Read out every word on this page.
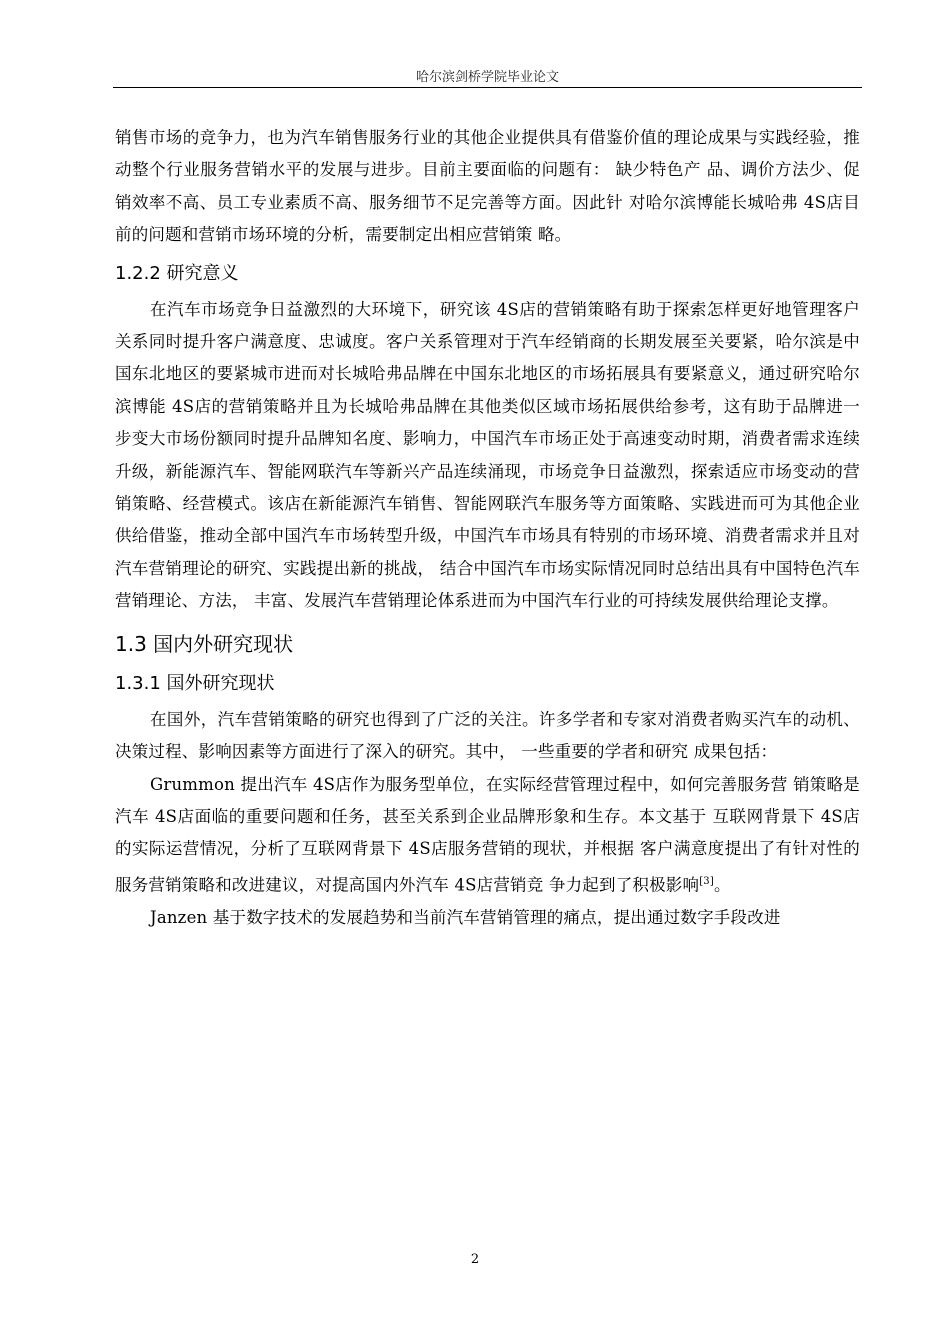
哈尔滨剑桥学院毕业论文

销售市场的竞争力，也为汽车销售服务行业的其他企业提供具有借鉴价值的理论成果与实践经验，推动整个行业服务营销水平的发展与进步。目前主要面临的问题有： 缺少特色产 品、调价方法少、促销效率不高、员工专业素质不高、服务细节不足完善等方面。因此针 对哈尔滨博能长城哈弗 4S店目前的问题和营销市场环境的分析，需要制定出相应营销策 略。

1.2.2 研究意义

在汽车市场竞争日益激烈的大环境下，研究该 4S店的营销策略有助于探索怎样更好地管理客户关系同时提升客户满意度、忠诚度。客户关系管理对于汽车经销商的长期发展至关要紧，哈尔滨是中国东北地区的要紧城市进而对长城哈弗品牌在中国东北地区的市场拓展具有要紧意义，通过研究哈尔滨博能 4S店的营销策略并且为长城哈弗品牌在其他类似区域市场拓展供给参考，这有助于品牌进一步变大市场份额同时提升品牌知名度、影响力，中国汽车市场正处于高速变动时期，消费者需求连续升级，新能源汽车、智能网联汽车等新兴产品连续涌现，市场竞争日益激烈，探索适应市场变动的营销策略、经营模式。该店在新能源汽车销售、智能网联汽车服务等方面策略、实践进而可为其他企业供给借鉴，推动全部中国汽车市场转型升级，中国汽车市场具有特别的市场环境、消费者需求并且对汽车营销理论的研究、实践提出新的挑战， 结合中国汽车市场实际情况同时总结出具有中国特色汽车营销理论、方法， 丰富、发展汽车营销理论体系进而为中国汽车行业的可持续发展供给理论支撑。

1.3 国内外研究现状
1.3.1 国外研究现状

在国外，汽车营销策略的研究也得到了广泛的关注。许多学者和专家对消费者购买汽车的动机、决策过程、影响因素等方面进行了深入的研究。其中， 一些重要的学者和研究 成果包括：

Grummon 提出汽车 4S店作为服务型单位，在实际经营管理过程中，如何完善服务营 销策略是汽车 4S店面临的重要问题和任务，甚至关系到企业品牌形象和生存。本文基于 互联网背景下 4S店的实际运营情况，分析了互联网背景下 4S店服务营销的现状，并根据 客户满意度提出了有针对性的服务营销策略和改进建议，对提高国内外汽车 4S店营销竞 争力起到了积极影响[3]。

Janzen 基于数字技术的发展趋势和当前汽车营销管理的痛点，提出通过数字手段改进

2
